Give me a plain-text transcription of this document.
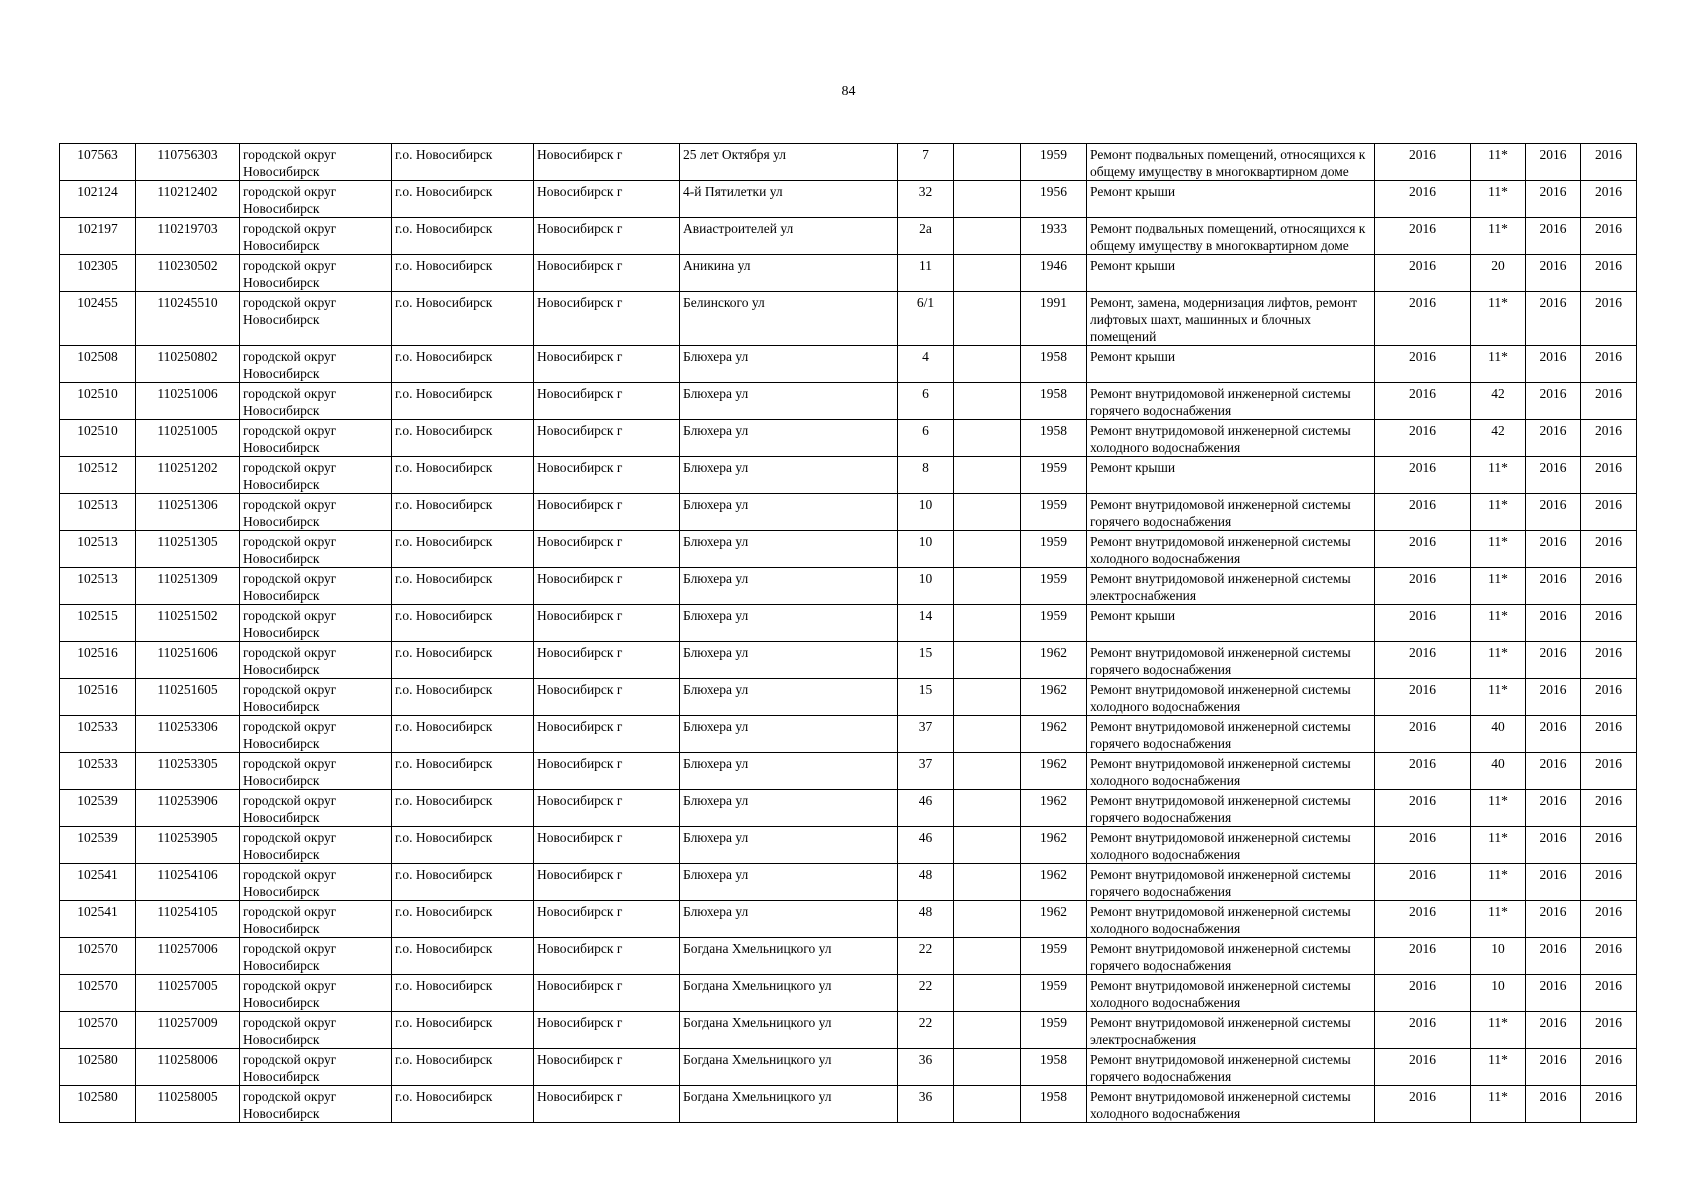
84
107563	110756303	городской округ Новосибирск	г.о. Новосибирск	Новосибирск г	25 лет Октября ул	7		1959	Ремонт подвальных помещений, относящихся к общему имуществу в многоквартирном доме	2016	11*	2016	2016
102124	110212402	городской округ Новосибирск	г.о. Новосибирск	Новосибирск г	4-й Пятилетки ул	32		1956	Ремонт крыши	2016	11*	2016	2016
102197	110219703	городской округ Новосибирск	г.о. Новосибирск	Новосибирск г	Авиастроителей ул	2а		1933	Ремонт подвальных помещений, относящихся к общему имуществу в многоквартирном доме	2016	11*	2016	2016
102305	110230502	городской округ Новосибирск	г.о. Новосибирск	Новосибирск г	Аникина ул	11		1946	Ремонт крыши	2016	20	2016	2016
102455	110245510	городской округ Новосибирск	г.о. Новосибирск	Новосибирск г	Белинского ул	6/1		1991	Ремонт, замена, модернизация лифтов, ремонт лифтовых шахт, машинных и блочных помещений	2016	11*	2016	2016
102508	110250802	городской округ Новосибирск	г.о. Новосибирск	Новосибирск г	Блюхера ул	4		1958	Ремонт крыши	2016	11*	2016	2016
102510	110251006	городской округ Новосибирск	г.о. Новосибирск	Новосибирск г	Блюхера ул	6		1958	Ремонт внутридомовой инженерной системы горячего водоснабжения	2016	42	2016	2016
102510	110251005	городской округ Новосибирск	г.о. Новосибирск	Новосибирск г	Блюхера ул	6		1958	Ремонт внутридомовой инженерной системы холодного водоснабжения	2016	42	2016	2016
102512	110251202	городской округ Новосибирск	г.о. Новосибирск	Новосибирск г	Блюхера ул	8		1959	Ремонт крыши	2016	11*	2016	2016
102513	110251306	городской округ Новосибирск	г.о. Новосибирск	Новосибирск г	Блюхера ул	10		1959	Ремонт внутридомовой инженерной системы горячего водоснабжения	2016	11*	2016	2016
102513	110251305	городской округ Новосибирск	г.о. Новосибирск	Новосибирск г	Блюхера ул	10		1959	Ремонт внутридомовой инженерной системы холодного водоснабжения	2016	11*	2016	2016
102513	110251309	городской округ Новосибирск	г.о. Новосибирск	Новосибирск г	Блюхера ул	10		1959	Ремонт внутридомовой инженерной системы электроснабжения	2016	11*	2016	2016
102515	110251502	городской округ Новосибирск	г.о. Новосибирск	Новосибирск г	Блюхера ул	14		1959	Ремонт крыши	2016	11*	2016	2016
102516	110251606	городской округ Новосибирск	г.о. Новосибирск	Новосибирск г	Блюхера ул	15		1962	Ремонт внутридомовой инженерной системы горячего водоснабжения	2016	11*	2016	2016
102516	110251605	городской округ Новосибирск	г.о. Новосибирск	Новосибирск г	Блюхера ул	15		1962	Ремонт внутридомовой инженерной системы холодного водоснабжения	2016	11*	2016	2016
102533	110253306	городской округ Новосибирск	г.о. Новосибирск	Новосибирск г	Блюхера ул	37		1962	Ремонт внутридомовой инженерной системы горячего водоснабжения	2016	40	2016	2016
102533	110253305	городской округ Новосибирск	г.о. Новосибирск	Новосибирск г	Блюхера ул	37		1962	Ремонт внутридомовой инженерной системы холодного водоснабжения	2016	40	2016	2016
102539	110253906	городской округ Новосибирск	г.о. Новосибирск	Новосибирск г	Блюхера ул	46		1962	Ремонт внутридомовой инженерной системы горячего водоснабжения	2016	11*	2016	2016
102539	110253905	городской округ Новосибирск	г.о. Новосибирск	Новосибирск г	Блюхера ул	46		1962	Ремонт внутридомовой инженерной системы холодного водоснабжения	2016	11*	2016	2016
102541	110254106	городской округ Новосибирск	г.о. Новосибирск	Новосибирск г	Блюхера ул	48		1962	Ремонт внутридомовой инженерной системы горячего водоснабжения	2016	11*	2016	2016
102541	110254105	городской округ Новосибирск	г.о. Новосибирск	Новосибирск г	Блюхера ул	48		1962	Ремонт внутридомовой инженерной системы холодного водоснабжения	2016	11*	2016	2016
102570	110257006	городской округ Новосибирск	г.о. Новосибирск	Новосибирск г	Богдана Хмельницкого ул	22		1959	Ремонт внутридомовой инженерной системы горячего водоснабжения	2016	10	2016	2016
102570	110257005	городской округ Новосибирск	г.о. Новосибирск	Новосибирск г	Богдана Хмельницкого ул	22		1959	Ремонт внутридомовой инженерной системы холодного водоснабжения	2016	10	2016	2016
102570	110257009	городской округ Новосибирск	г.о. Новосибирск	Новосибирск г	Богдана Хмельницкого ул	22		1959	Ремонт внутридомовой инженерной системы электроснабжения	2016	11*	2016	2016
102580	110258006	городской округ Новосибирск	г.о. Новосибирск	Новосибирск г	Богдана Хмельницкого ул	36		1958	Ремонт внутридомовой инженерной системы горячего водоснабжения	2016	11*	2016	2016
102580	110258005	городской округ Новосибирск	г.о. Новосибирск	Новосибирск г	Богдана Хмельницкого ул	36		1958	Ремонт внутридомовой инженерной системы холодного водоснабжения	2016	11*	2016	2016
